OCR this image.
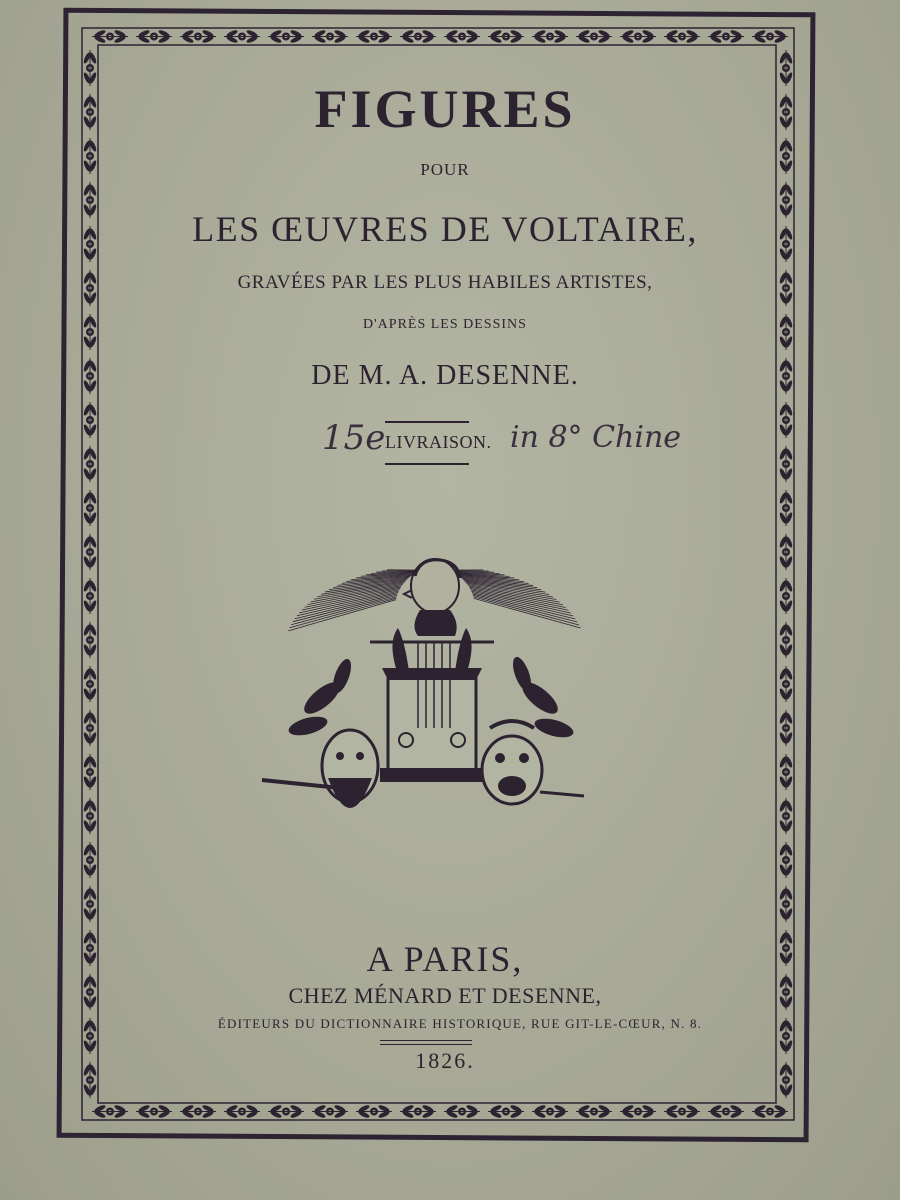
FIGURES
POUR
LES ŒUVRES DE VOLTAIRE,
GRAVÉES PAR LES PLUS HABILES ARTISTES,
D'APRÈS LES DESSINS
DE M. A. DESENNE.
LIVRAISON.
15e	in 8° Chine
A PARIS,
CHEZ MÉNARD ET DESENNE,
ÉDITEURS DU DICTIONNAIRE HISTORIQUE, RUE GIT-LE-CŒUR, N. 8.
1826.
